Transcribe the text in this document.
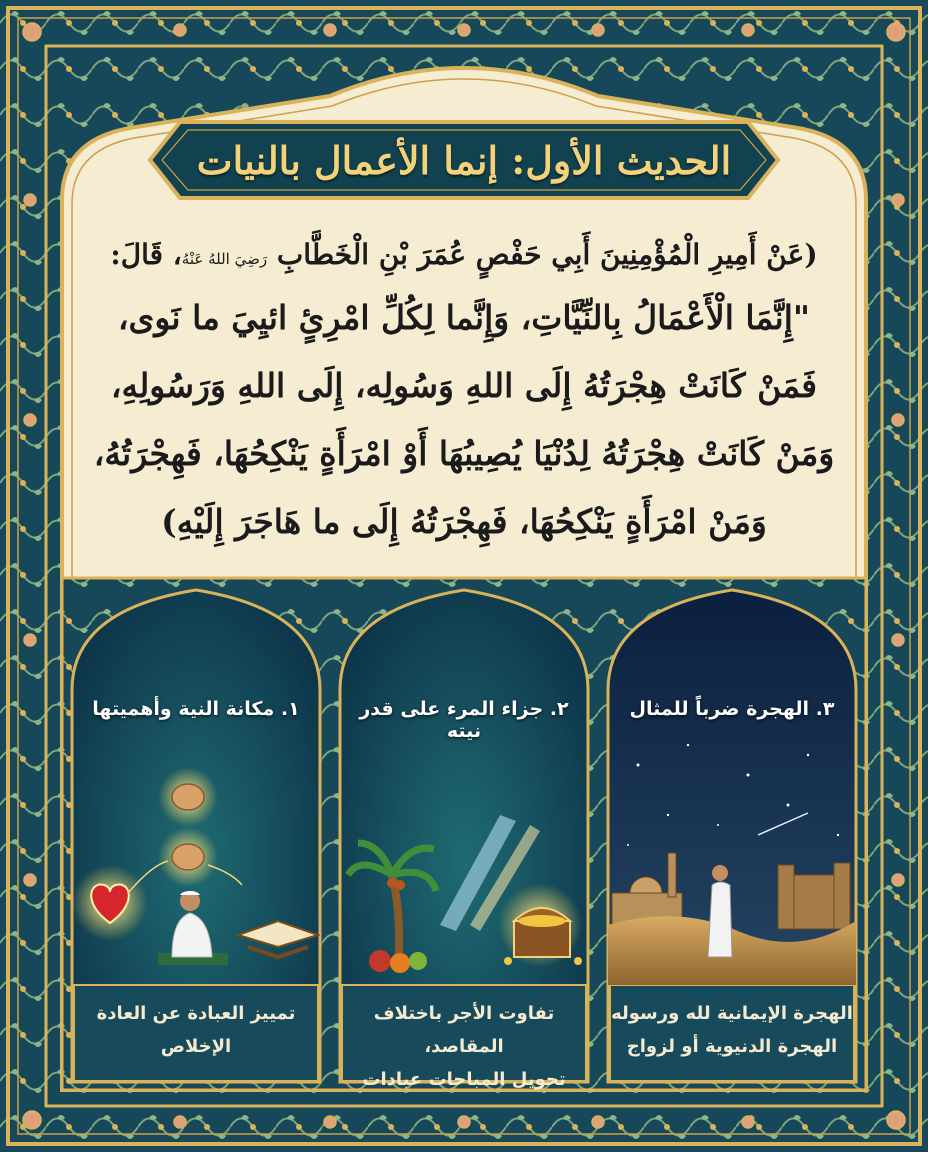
الحديث الأول: إنما الأعمال بالنيات
(عَنْ أَمِيرِ الْمُؤْمِنِينَ أَبِي حَفْصٍ عُمَرَ بْنِ الْخَطَّابِ رَضِيَ اللهُ عَنْهُ، قَالَ:
"إِنَّمَا الْأَعْمَالُ بِالنِّيَّاتِ، وَإِنَّما لِكُلِّ امْرِئٍ ائيِيَ ما نَوى،
فَمَنْ كَانَتْ هِجْرَتُهُ إِلَى اللهِ وَسُولِه، إِلَى اللهِ وَرَسُولِهِ،
وَمَنْ كَانَتْ هِجْرَتُهُ لِدُنْيَا يُصِيبُهَا أَوْ امْرَأَةٍ يَنْكِحُهَا، فَهِجْرَتُهُ،
وَمَنْ امْرَأَةٍ يَنْكِحُهَا، فَهِجْرَتُهُ إِلَى ما هَاجَرَ إِلَيْهِ)
١. مكانة النية وأهميتها	٢. جزاء المرء على قدر نيته
٣. الهجرة ضرباً للمثال
تمييز العبادة عن العادة
الإخلاص
تفاوت الأجر باختلاف المقاصد،
تحويل المباحات عبادات
الهجرة الإيمانية لله ورسوله
الهجرة الدنيوية أو لزواج
